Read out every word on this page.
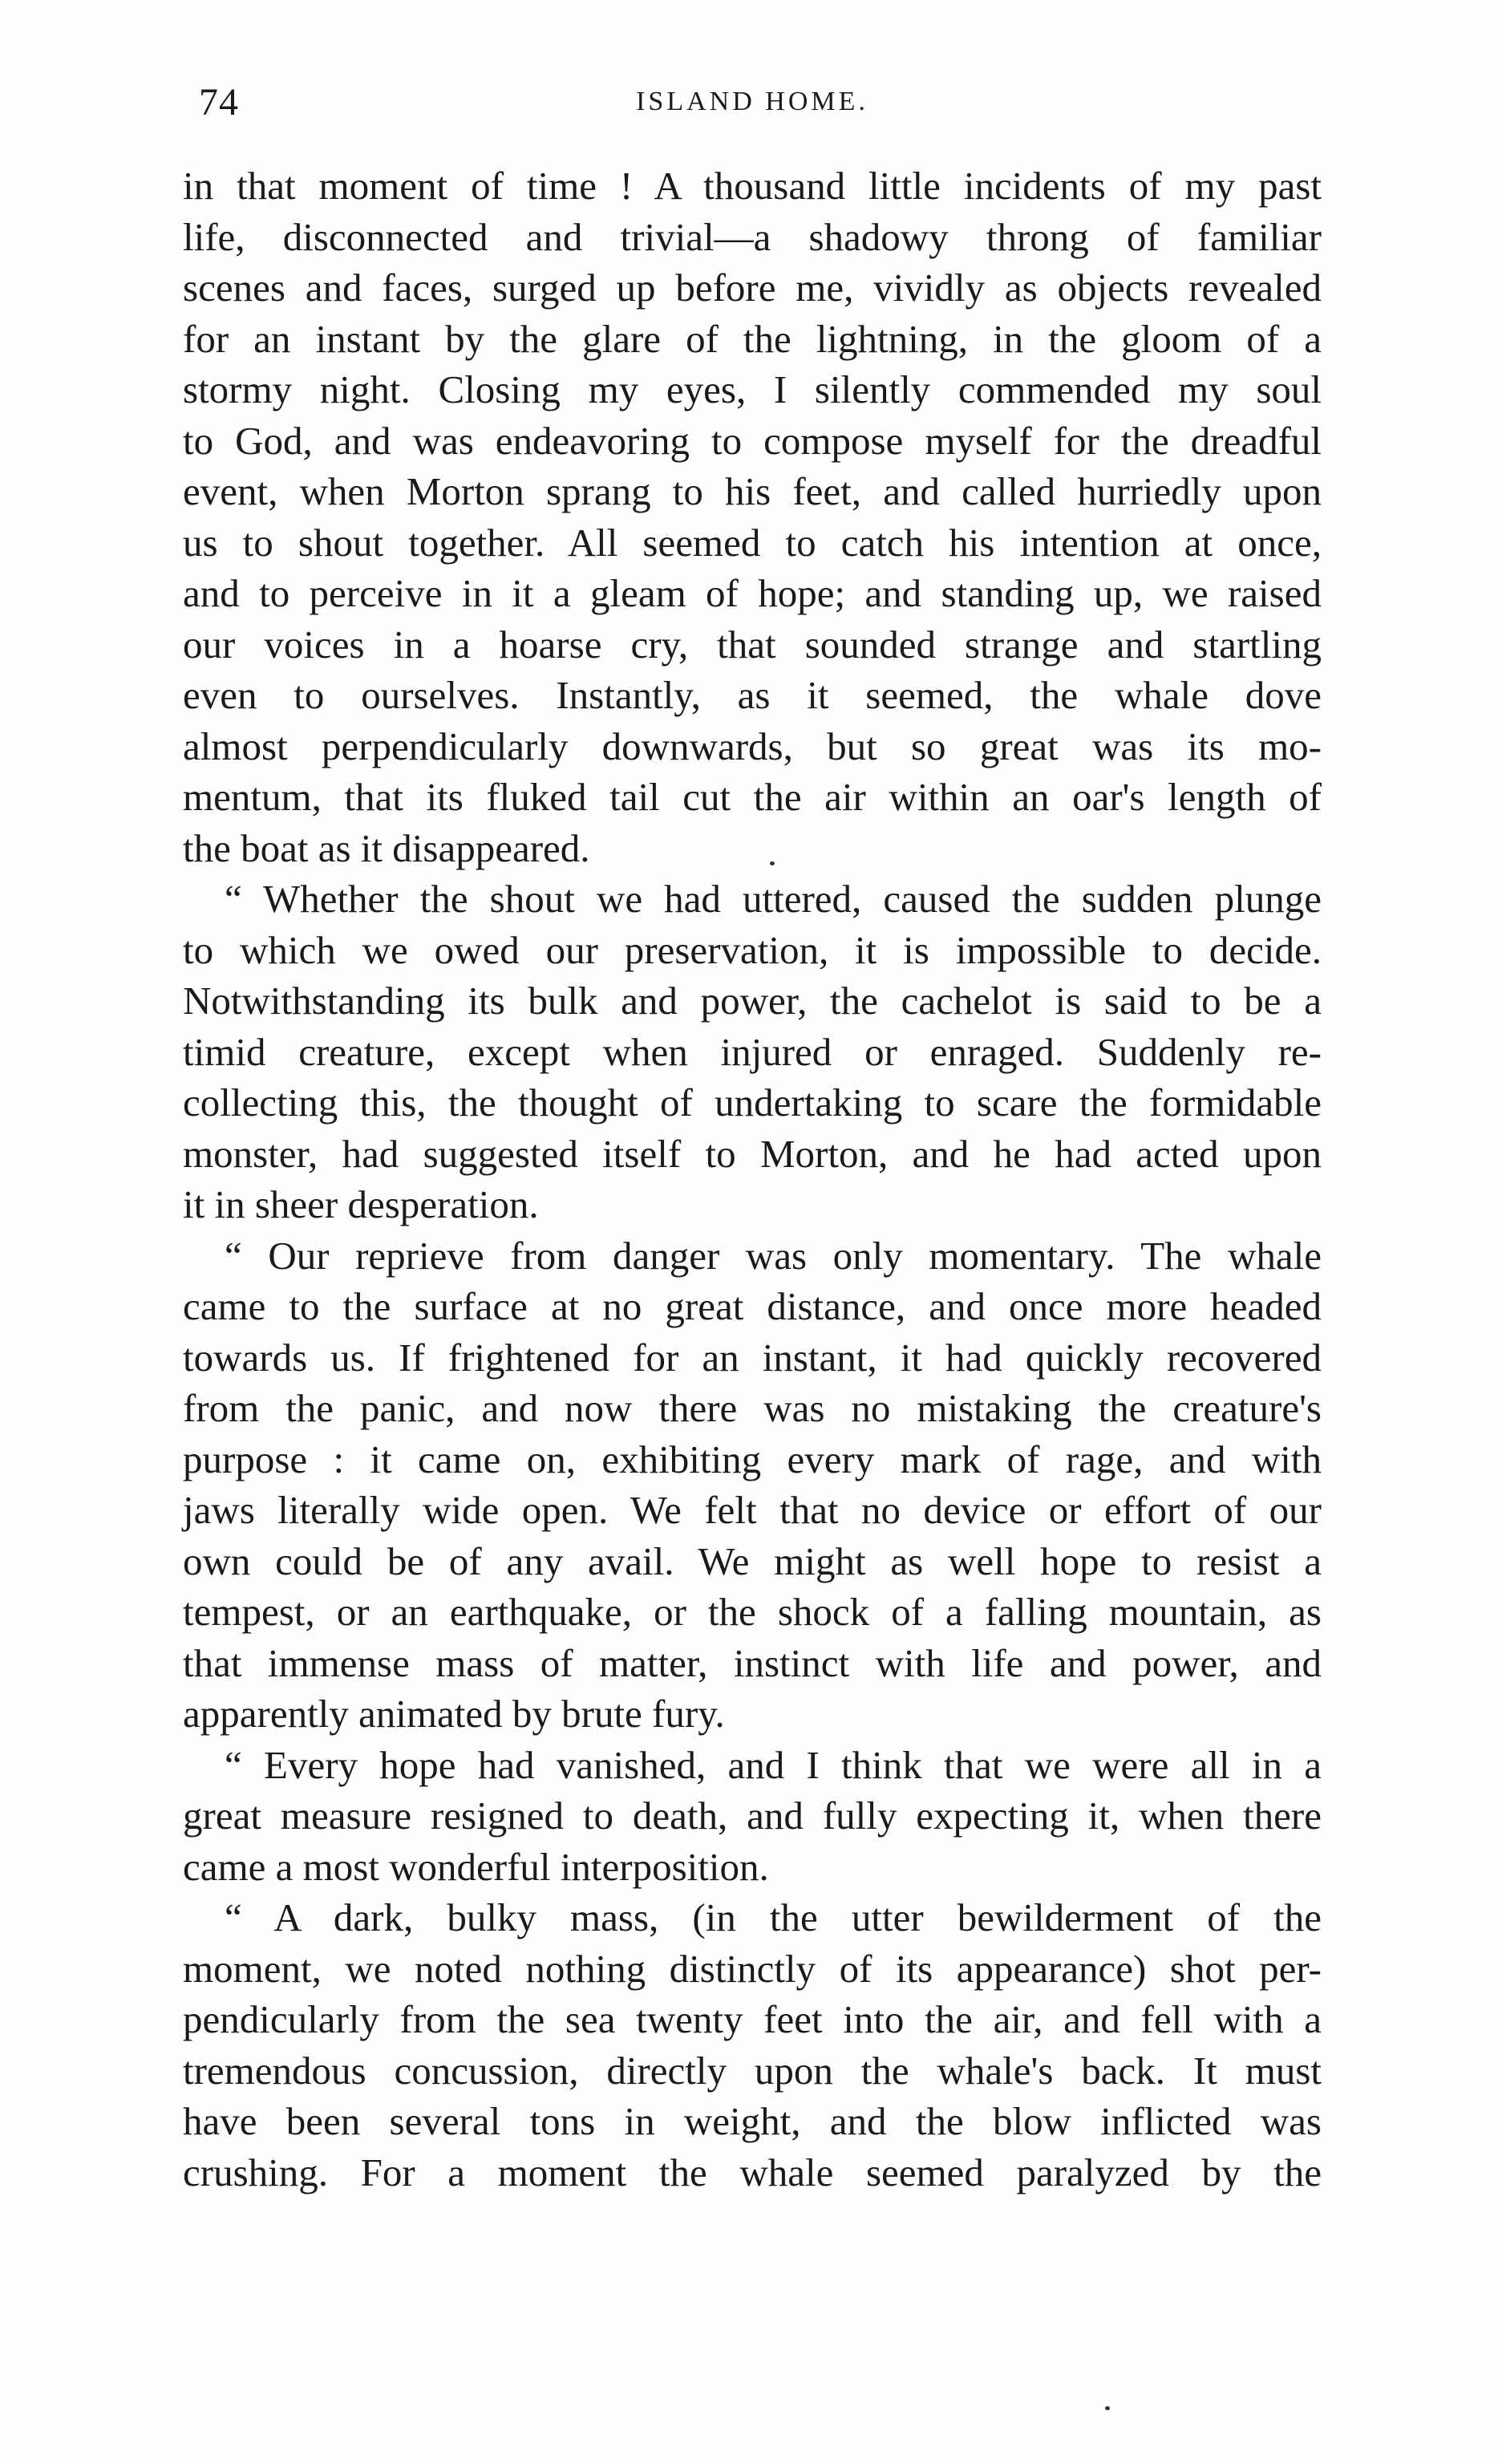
74	ISLAND HOME.
in that moment of time ! A thousand little incidents of my past
life, disconnected and trivial—a shadowy throng of familiar
scenes and faces, surged up before me, vividly as objects revealed
for an instant by the glare of the lightning, in the gloom of a
stormy night. Closing my eyes, I silently commended my soul
to God, and was endeavoring to compose myself for the dreadful
event, when Morton sprang to his feet, and called hurriedly upon
us to shout together. All seemed to catch his intention at once,
and to perceive in it a gleam of hope; and standing up, we raised
our voices in a hoarse cry, that sounded strange and startling
even to ourselves. Instantly, as it seemed, the whale dove
almost perpendicularly downwards, but so great was its mo-
mentum, that its fluked tail cut the air within an oar's length of
the boat as it disappeared.
“ Whether the shout we had uttered, caused the sudden plunge
to which we owed our preservation, it is impossible to decide.
Notwithstanding its bulk and power, the cachelot is said to be a
timid creature, except when injured or enraged. Suddenly re-
collecting this, the thought of undertaking to scare the formidable
monster, had suggested itself to Morton, and he had acted upon
it in sheer desperation.
“ Our reprieve from danger was only momentary. The whale
came to the surface at no great distance, and once more headed
towards us. If frightened for an instant, it had quickly recovered
from the panic, and now there was no mistaking the creature's
purpose : it came on, exhibiting every mark of rage, and with
jaws literally wide open. We felt that no device or effort of our
own could be of any avail. We might as well hope to resist a
tempest, or an earthquake, or the shock of a falling mountain, as
that immense mass of matter, instinct with life and power, and
apparently animated by brute fury.
“ Every hope had vanished, and I think that we were all in a
great measure resigned to death, and fully expecting it, when there
came a most wonderful interposition.
“ A dark, bulky mass, (in the utter bewilderment of the
moment, we noted nothing distinctly of its appearance) shot per-
pendicularly from the sea twenty feet into the air, and fell with a
tremendous concussion, directly upon the whale's back. It must
have been several tons in weight, and the blow inflicted was
crushing. For a moment the whale seemed paralyzed by the
